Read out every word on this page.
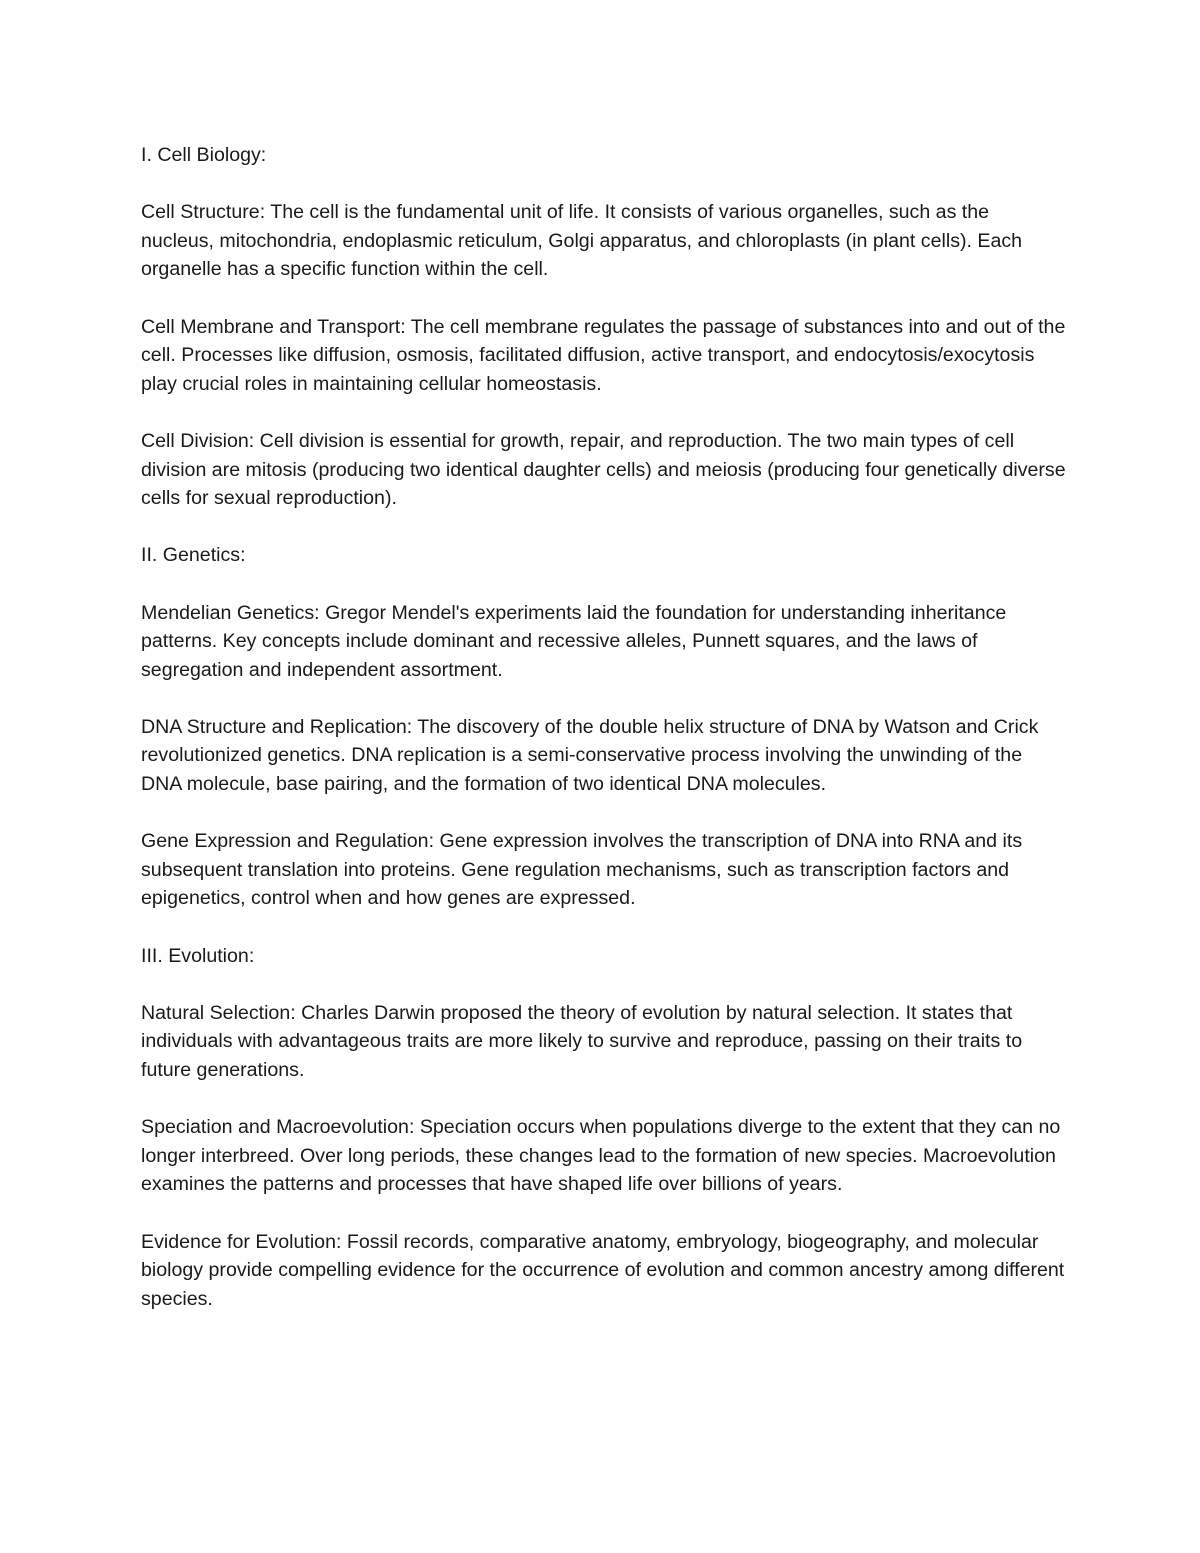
I. Cell Biology:

Cell Structure: The cell is the fundamental unit of life. It consists of various organelles, such as the nucleus, mitochondria, endoplasmic reticulum, Golgi apparatus, and chloroplasts (in plant cells). Each organelle has a specific function within the cell.

Cell Membrane and Transport: The cell membrane regulates the passage of substances into and out of the cell. Processes like diffusion, osmosis, facilitated diffusion, active transport, and endocytosis/exocytosis play crucial roles in maintaining cellular homeostasis.

Cell Division: Cell division is essential for growth, repair, and reproduction. The two main types of cell division are mitosis (producing two identical daughter cells) and meiosis (producing four genetically diverse cells for sexual reproduction).

II. Genetics:

Mendelian Genetics: Gregor Mendel's experiments laid the foundation for understanding inheritance patterns. Key concepts include dominant and recessive alleles, Punnett squares, and the laws of segregation and independent assortment.

DNA Structure and Replication: The discovery of the double helix structure of DNA by Watson and Crick revolutionized genetics. DNA replication is a semi-conservative process involving the unwinding of the DNA molecule, base pairing, and the formation of two identical DNA molecules.

Gene Expression and Regulation: Gene expression involves the transcription of DNA into RNA and its subsequent translation into proteins. Gene regulation mechanisms, such as transcription factors and epigenetics, control when and how genes are expressed.

III. Evolution:

Natural Selection: Charles Darwin proposed the theory of evolution by natural selection. It states that individuals with advantageous traits are more likely to survive and reproduce, passing on their traits to future generations.

Speciation and Macroevolution: Speciation occurs when populations diverge to the extent that they can no longer interbreed. Over long periods, these changes lead to the formation of new species. Macroevolution examines the patterns and processes that have shaped life over billions of years.

Evidence for Evolution: Fossil records, comparative anatomy, embryology, biogeography, and molecular biology provide compelling evidence for the occurrence of evolution and common ancestry among different species.
